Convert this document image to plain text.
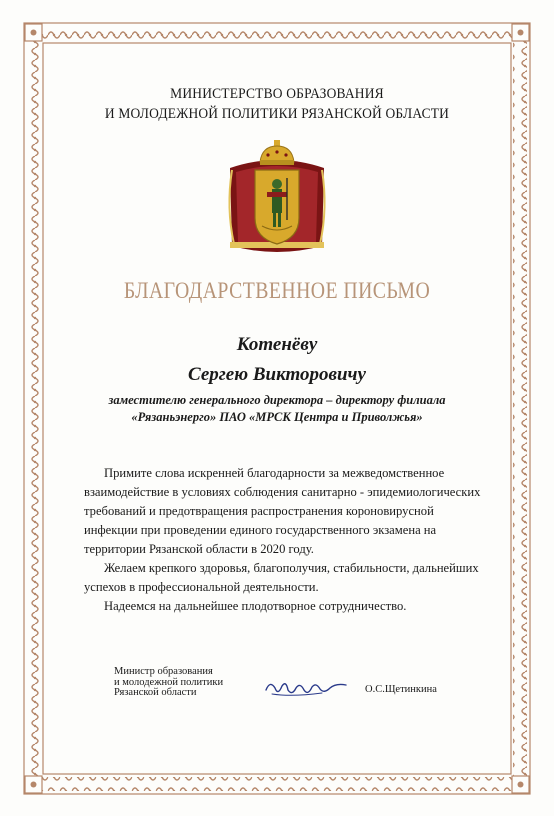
МИНИСТЕРСТВО ОБРАЗОВАНИЯ
И МОЛОДЕЖНОЙ ПОЛИТИКИ РЯЗАНСКОЙ ОБЛАСТИ
БЛАГОДАРСТВЕННОЕ ПИСЬМО
Котенёву
Сергею Викторовичу
заместителю генерального директора – директору филиала
«Рязаньэнерго» ПАО «МРСК Центра и Приволжья»
Примите слова искренней благодарности за межведомственное
взаимодействие в условиях соблюдения санитарно - эпидемиологических
требований и предотвращения распространения короновирусной
инфекции при проведении единого государственного экзамена на
территории Рязанской области в 2020 году.
Желаем крепкого здоровья, благополучия, стабильности, дальнейших
успехов в профессиональной деятельности.
Надеемся на дальнейшее плодотворное сотрудничество.
Министр образования
и молодежной политики
Рязанской области	О.С.Щетинкина
